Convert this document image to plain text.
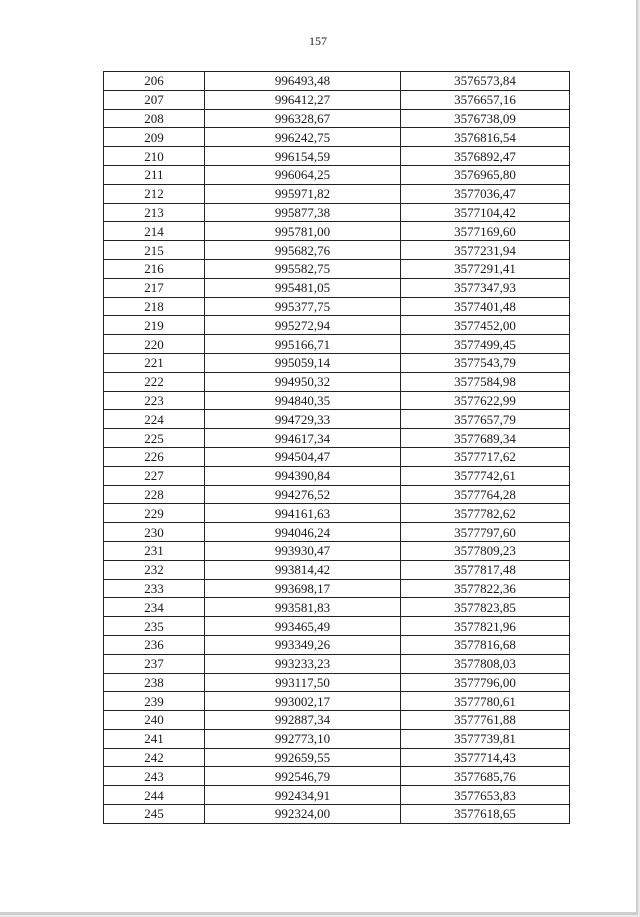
157
206	996493,48	3576573,84
207	996412,27	3576657,16
208	996328,67	3576738,09
209	996242,75	3576816,54
210	996154,59	3576892,47
211	996064,25	3576965,80
212	995971,82	3577036,47
213	995877,38	3577104,42
214	995781,00	3577169,60
215	995682,76	3577231,94
216	995582,75	3577291,41
217	995481,05	3577347,93
218	995377,75	3577401,48
219	995272,94	3577452,00
220	995166,71	3577499,45
221	995059,14	3577543,79
222	994950,32	3577584,98
223	994840,35	3577622,99
224	994729,33	3577657,79
225	994617,34	3577689,34
226	994504,47	3577717,62
227	994390,84	3577742,61
228	994276,52	3577764,28
229	994161,63	3577782,62
230	994046,24	3577797,60
231	993930,47	3577809,23
232	993814,42	3577817,48
233	993698,17	3577822,36
234	993581,83	3577823,85
235	993465,49	3577821,96
236	993349,26	3577816,68
237	993233,23	3577808,03
238	993117,50	3577796,00
239	993002,17	3577780,61
240	992887,34	3577761,88
241	992773,10	3577739,81
242	992659,55	3577714,43
243	992546,79	3577685,76
244	992434,91	3577653,83
245	992324,00	3577618,65
